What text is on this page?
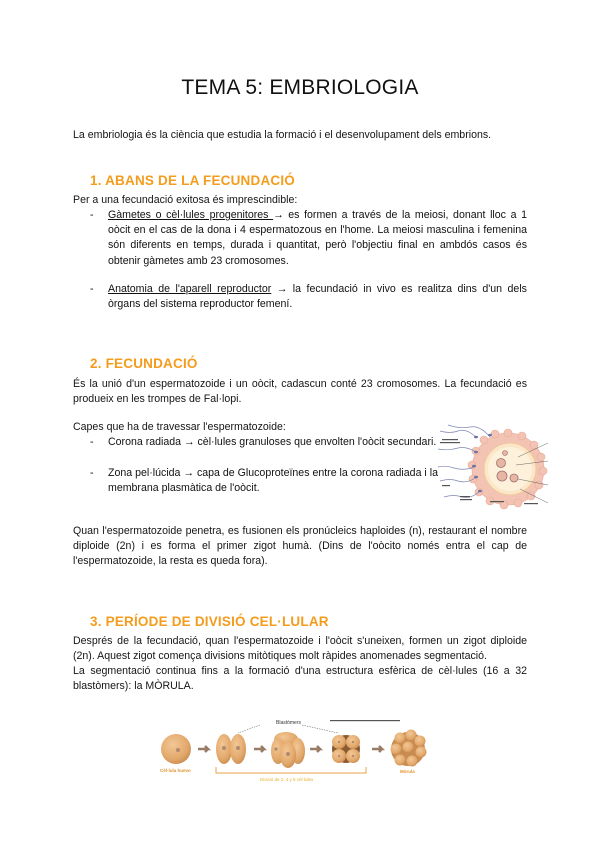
TEMA 5: EMBRIOLOGIA
La embriologia és la ciència que estudia la formació i el desenvolupament dels embrions.
1. ABANS DE LA FECUNDACIÓ
Per a una fecundació exitosa és imprescindible:
- Gàmetes o cèl·lules progenitores → es formen a través de la meiosi, donant lloc a 1 oòcit en el cas de la dona i 4 espermatozous en l'home. La meiosi masculina i femenina són diferents en temps, durada i quantitat, però l'objectiu final en ambdós casos és obtenir gàmetes amb 23 cromosomes.
- Anatomia de l'aparell reproductor → la fecundació in vivo es realitza dins d'un dels òrgans del sistema reproductor femení.
2. FECUNDACIÓ
És la unió d'un espermatozoide i un oòcit, cadascun conté 23 cromosomes. La fecundació es produeix en les trompes de Fal·lopi.
Capes que ha de travessar l'espermatozoide:
- Corona radiada → cèl·lules granuloses que envolten l'oòcit secundari.
- Zona pel·lúcida → capa de Glucoproteïnes entre la corona radiada i la membrana plasmàtica de l'oòcit.
Quan l'espermatozoide penetra, es fusionen els pronúcleics haploides (n), restaurant el nombre diploide (2n) i es forma el primer zigot humà. (Dins de l'oòcito només entra el cap de l'espermatozoide, la resta es queda fora).
3. PERÍODE DE DIVISIÓ CEL·LULAR
Després de la fecundació, quan l'espermatozoide i l'oòcit s'uneixen, formen un zigot diploide (2n). Aquest zigot comença divisions mitòtiques molt ràpides anomenades segmentació.
La segmentació continua fins a la formació d'una estructura esfèrica de cèl·lules (16 a 32 blastòmers): la MÒRULA.
Blastòmers
Cèl·lula huevo
Divisió de 2, 4 y 8 cèl·lules
Mòrula
